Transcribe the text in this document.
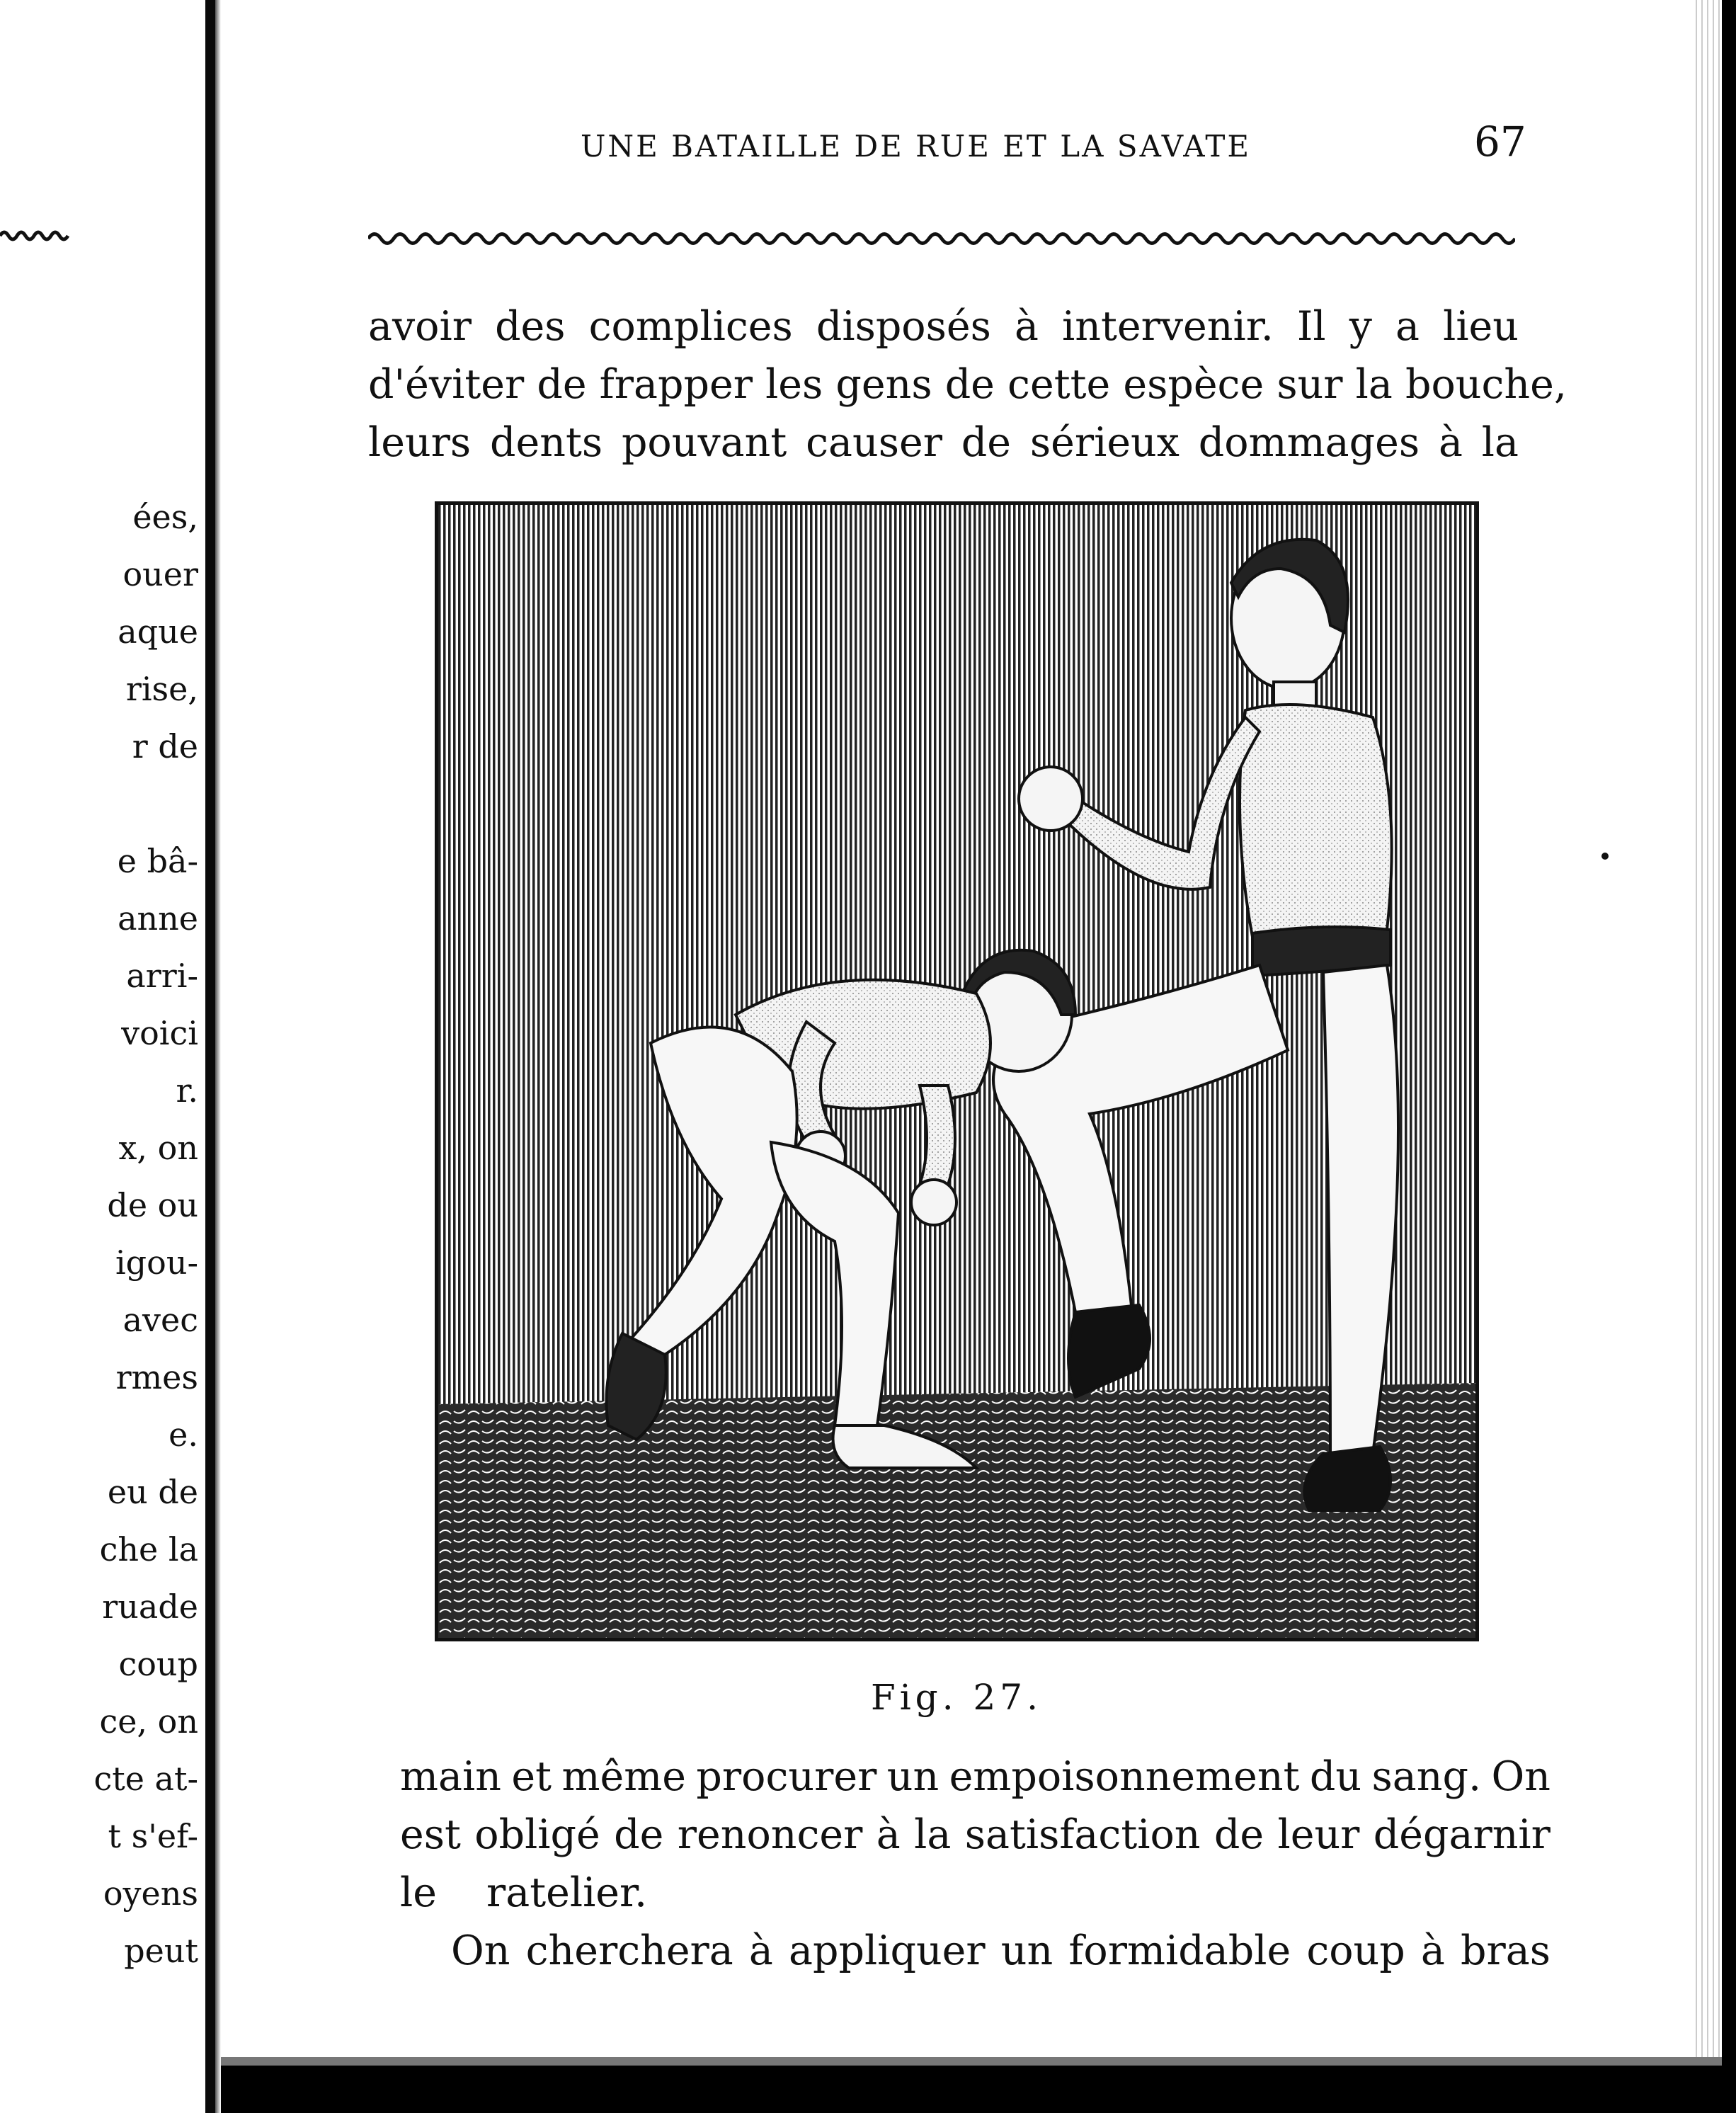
ées,
ouer
aque
rise,
r de
e bâ-
anne
arri-
voici
r.
x, on
de ou
igou-
avec
rmes
e.
eu de
che la
ruade
coup
ce, on
cte at-
t s'ef-
oyens
peut
UNE BATAILLE DE RUE ET LA SAVATE	67
avoir des complices disposés à intervenir. Il y a lieu
d'éviter de frapper les gens de cette espèce sur la bouche,
leurs dents pouvant causer de sérieux dommages à la
Fig. 27.
main et même procurer un empoisonnement du sang. On
est obligé de renoncer à la satisfaction de leur dégarnir
le ratelier.
On cherchera à appliquer un formidable coup à bras
